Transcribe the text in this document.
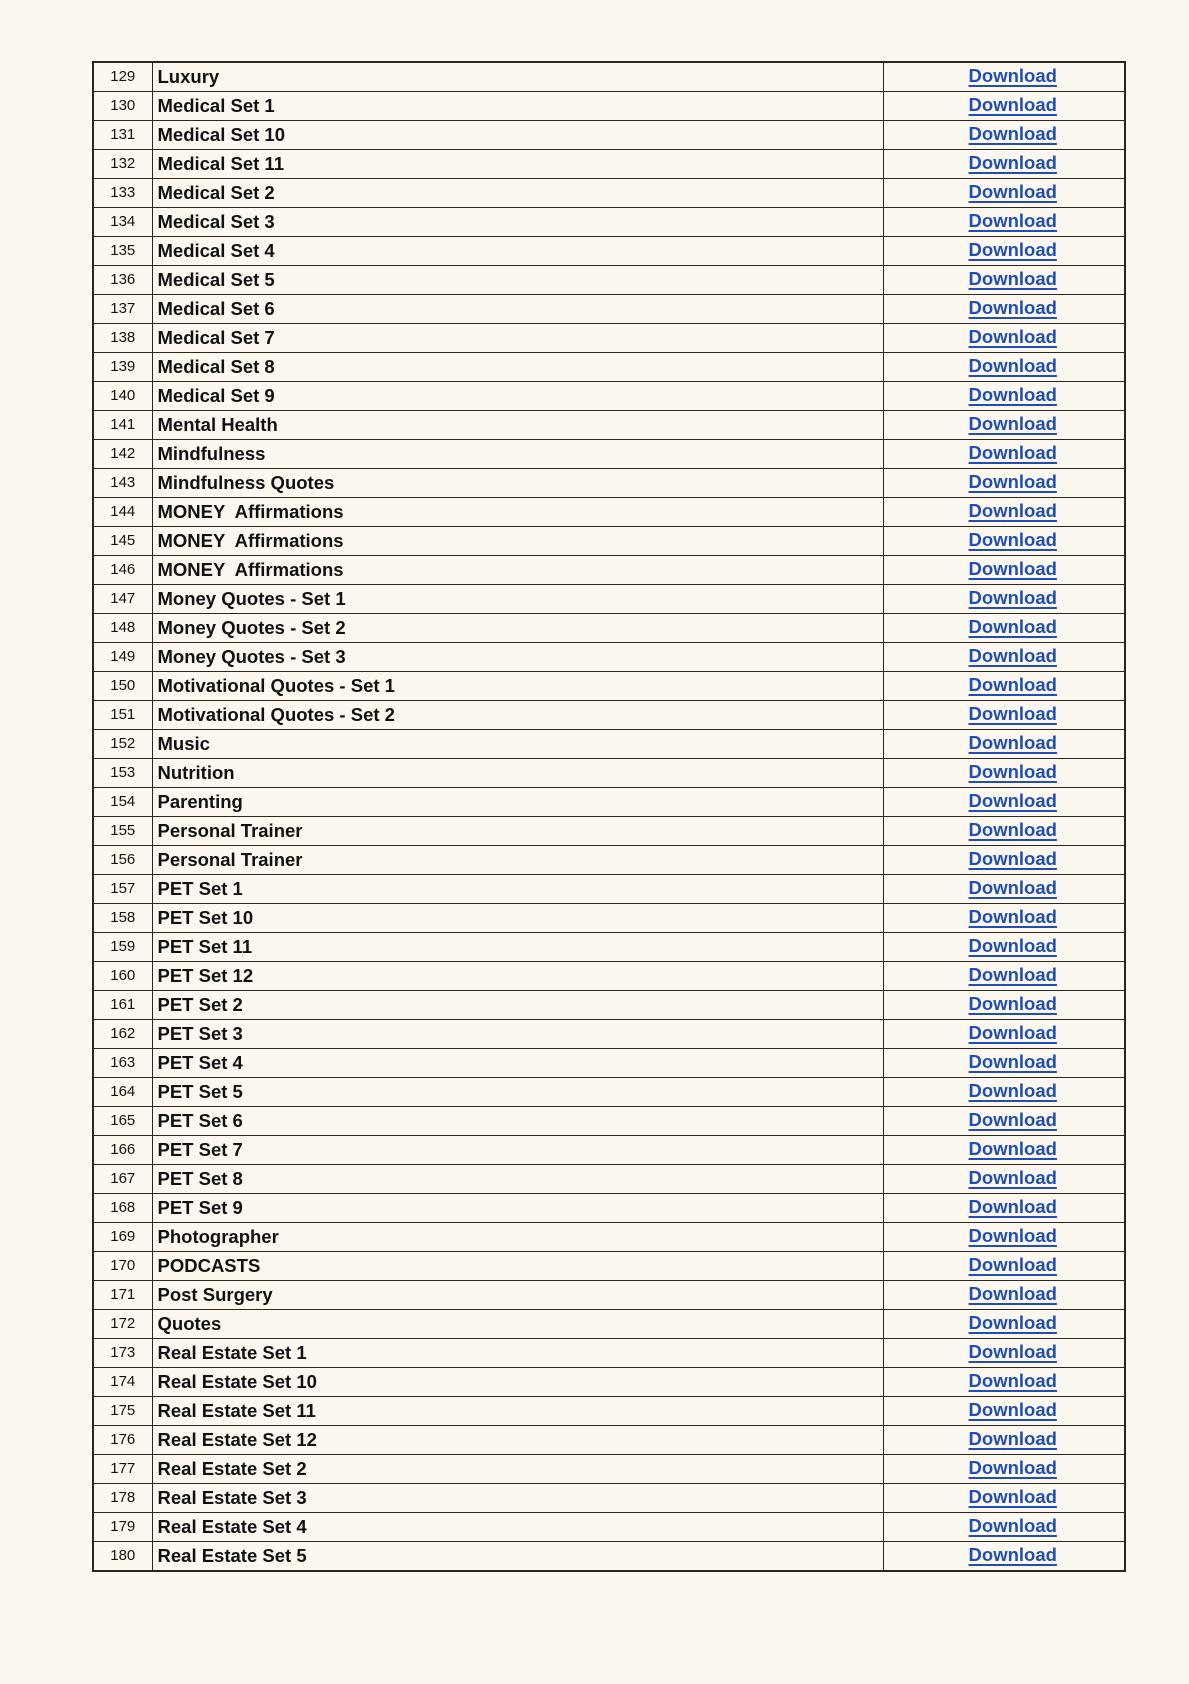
129	Luxury	Download
130	Medical Set 1	Download
131	Medical Set 10	Download
132	Medical Set 11	Download
133	Medical Set 2	Download
134	Medical Set 3	Download
135	Medical Set 4	Download
136	Medical Set 5	Download
137	Medical Set 6	Download
138	Medical Set 7	Download
139	Medical Set 8	Download
140	Medical Set 9	Download
141	Mental Health	Download
142	Mindfulness	Download
143	Mindfulness Quotes	Download
144	MONEY  Affirmations	Download
145	MONEY  Affirmations	Download
146	MONEY  Affirmations	Download
147	Money Quotes - Set 1	Download
148	Money Quotes - Set 2	Download
149	Money Quotes - Set 3	Download
150	Motivational Quotes - Set 1	Download
151	Motivational Quotes - Set 2	Download
152	Music	Download
153	Nutrition	Download
154	Parenting	Download
155	Personal Trainer	Download
156	Personal Trainer	Download
157	PET Set 1	Download
158	PET Set 10	Download
159	PET Set 11	Download
160	PET Set 12	Download
161	PET Set 2	Download
162	PET Set 3	Download
163	PET Set 4	Download
164	PET Set 5	Download
165	PET Set 6	Download
166	PET Set 7	Download
167	PET Set 8	Download
168	PET Set 9	Download
169	Photographer	Download
170	PODCASTS	Download
171	Post Surgery	Download
172	Quotes	Download
173	Real Estate Set 1	Download
174	Real Estate Set 10	Download
175	Real Estate Set 11	Download
176	Real Estate Set 12	Download
177	Real Estate Set 2	Download
178	Real Estate Set 3	Download
179	Real Estate Set 4	Download
180	Real Estate Set 5	Download
